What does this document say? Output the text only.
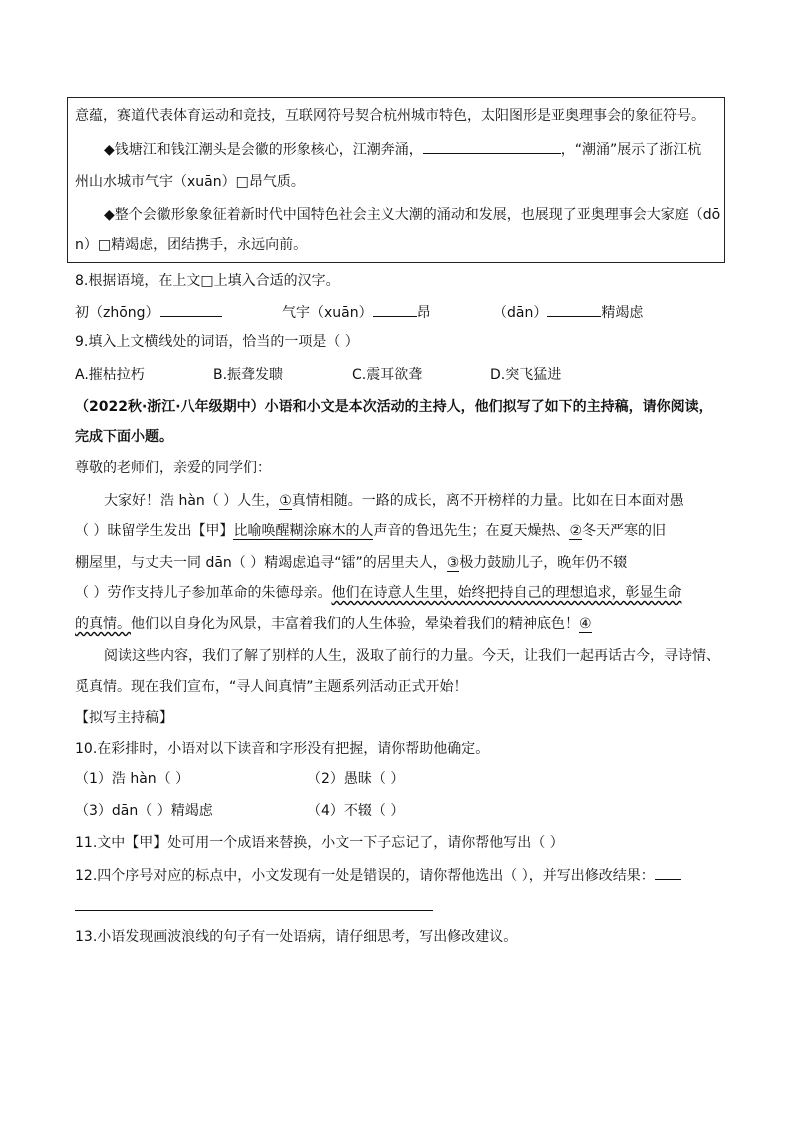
意蕴，赛道代表体育运动和竞技，互联网符号契合杭州城市特色，太阳图形是亚奥理事会的象征符号。
◆钱塘江和钱江潮头是会徽的形象核心，江潮奔涌，	，“潮涌”展示了浙江杭
州山水城市气宇（xuān）□昂气质。
◆整个会徽形象象征着新时代中国特色社会主义大潮的涌动和发展，也展现了亚奥理事会大家庭（dō
n）□精竭虑，团结携手，永远向前。
8.根据语境，在上文□上填入合适的汉字。
初（zhōng）	气宇（xuān）	昂	（dān）	精竭虑
9.填入上文横线处的词语，恰当的一项是（ ）
A.摧枯拉朽	B.振聋发聩	C.震耳欲聋	D.突飞猛进
（2022秋·浙江·八年级期中）小语和小文是本次活动的主持人，他们拟写了如下的主持稿，请你阅读，
完成下面小题。
尊敬的老师们，亲爱的同学们：
大家好！浩 hàn（ ）人生，①真情相随。一路的成长，离不开榜样的力量。比如在日本面对愚
（ ）昧留学生发出【甲】比喻唤醒糊涂麻木的人声音的鲁迅先生；在夏天燥热、②冬天严寒的旧
棚屋里，与丈夫一同 dān（ ）精竭虑追寻“镭”的居里夫人，③极力鼓励儿子，晚年仍不辍
（ ）劳作支持儿子参加革命的朱德母亲。他们在诗意人生里，始终把持自己的理想追求，彰显生命
的真情。他们以自身化为风景，丰富着我们的人生体验，晕染着我们的精神底色！④
阅读这些内容，我们了解了别样的人生，汲取了前行的力量。今天，让我们一起再话古今，寻诗情、
觅真情。现在我们宣布，“寻人间真情”主题系列活动正式开始！
【拟写主持稿】
10.在彩排时，小语对以下读音和字形没有把握，请你帮助他确定。
（1）浩 hàn（ ）	（2）愚昧（ ）
（3）dān（ ）精竭虑	（4）不辍（ ）
11.文中【甲】处可用一个成语来替换，小文一下子忘记了，请你帮他写出（ ）
12.四个序号对应的标点中，小文发现有一处是错误的，请你帮他选出（ ），并写出修改结果：
13.小语发现画波浪线的句子有一处语病，请仔细思考，写出修改建议。
